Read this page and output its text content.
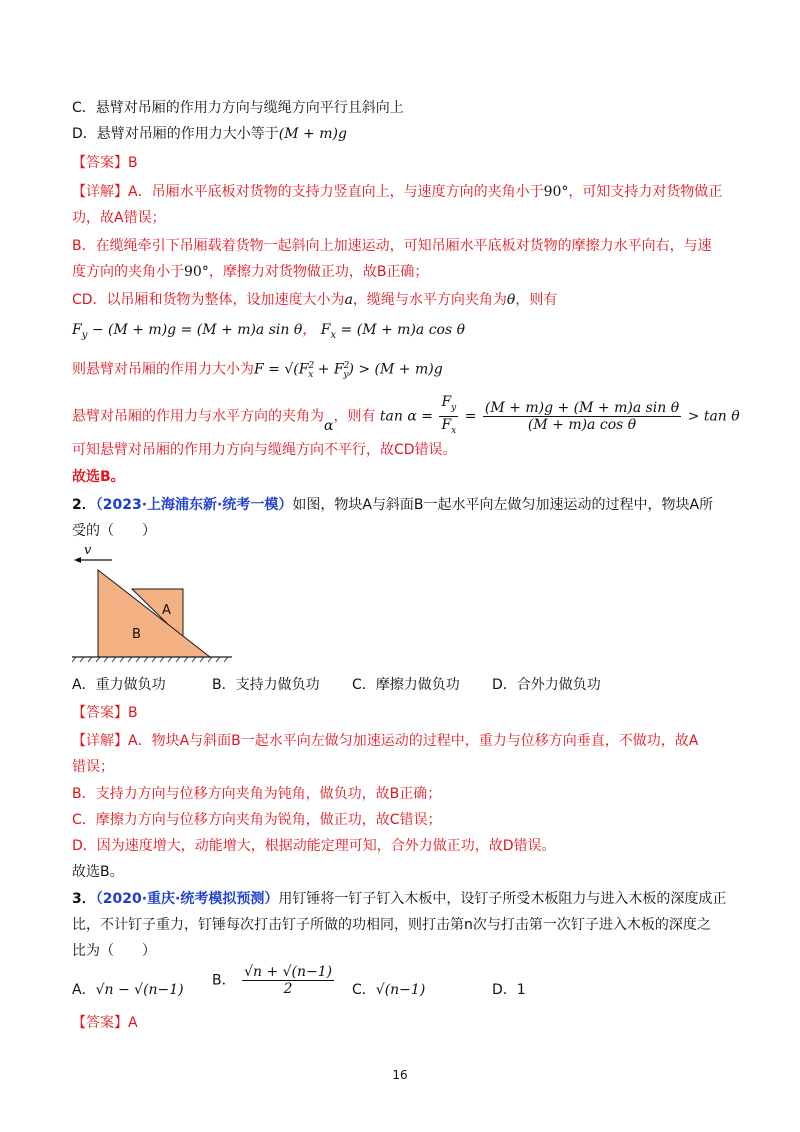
C．悬臂对吊厢的作用力方向与缆绳方向平行且斜向上
D．悬臂对吊厢的作用力大小等于(M + m)g
【答案】B
【详解】A．吊厢水平底板对货物的支持力竖直向上，与速度方向的夹角小于90°，可知支持力对货物做正
功，故A错误；
B．在缆绳牵引下吊厢载着货物一起斜向上加速运动，可知吊厢水平底板对货物的摩擦力水平向右，与速
度方向的夹角小于90°，摩擦力对货物做正功，故B正确；
CD．以吊厢和货物为整体，设加速度大小为a，缆绳与水平方向夹角为θ，则有
$F_y - (M + m)g = (M + m)a$ sin θ， $F_x = (M + m)a$ cos θ
则悬臂对吊厢的作用力大小为$F = √(F^2_x + F^2_y) > (M + m)g$
悬臂对吊厢的作用力与水平方向的夹角为α，则有 $\tan \alpha = \frac{F_y}{F_x} = \frac{\text{(M + m)g + (M + m)a sin θ}}{\text{(M + m)a cos θ}} > \tan \theta$
可知悬臂对吊厢的作用力方向与缆绳方向不平行，故CD错误。
故选B。
2．（2023·上海浦东新·统考一模）如图，物块A与斜面B一起水平向左做匀加速运动的过程中，物块A所
受的（　　）
v
A
B
A．重力做负功	B．支持力做负功 C．摩擦力做负功 D．合外力做负功
【答案】B
【详解】A．物块A与斜面B一起水平向左做匀加速运动的过程中，重力与位移方向垂直，不做功，故A
错误；
B．支持力方向与位移方向夹角为钝角，做负功，故B正确；
C．摩擦力方向与位移方向夹角为锐角，做正功，故C错误；
D．因为速度增大，动能增大，根据动能定理可知，合外力做正功，故D错误。
故选B。
3．（2020·重庆·统考模拟预测）用钉锤将一钉子钉入木板中，设钉子所受木板阻力与进入木板的深度成正
比，不计钉子重力，钉锤每次打击钉子所做的功相同，则打击第n次与打击第一次钉子进入木板的深度之
比为（　　）
A．√n − √(n−1)
B． $\frac{√n + √(n-1)}{2}$ C．√(n−1)	D．1
【答案】A
16
